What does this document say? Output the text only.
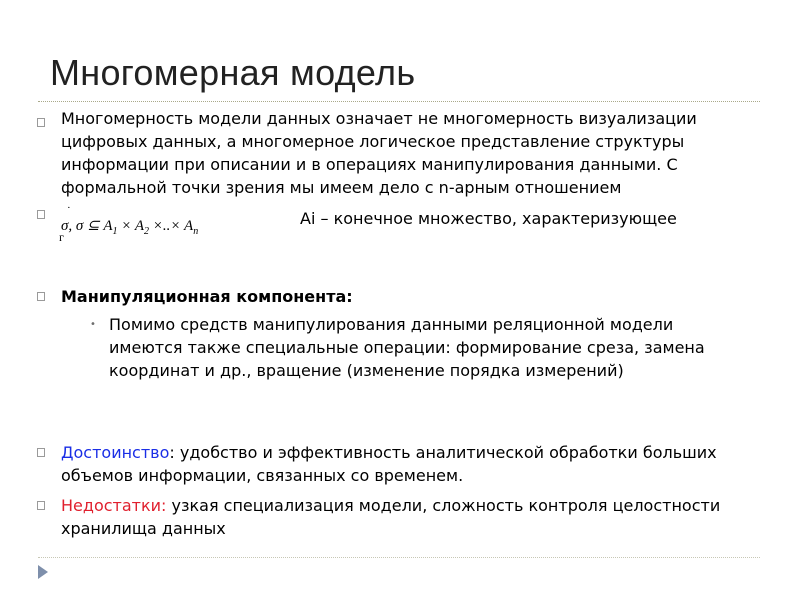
Многомерная модель
Многомерность модели данных означает не многомерность визуализации цифровых данных, а многомерное логическое представление структуры информации при описании и в операциях манипулирования данными. С формальной точки зрения мы имеем дело с n-арным отношением
·
г
σ, σ ⊆ $A_1 \times A_2$ ×..× $A_n$
Ai – конечное множество, характеризующее
Манипуляционная компонента:
• Помимо средств манипулирования данными реляционной модели имеются также специальные операции: формирование среза, замена координат и др., вращение (изменение порядка измерений)
Достоинство: удобство и эффективность аналитической обработки больших объемов информации, связанных со временем.
Недостатки: узкая специализация модели, сложность контроля целостности хранилища данных
